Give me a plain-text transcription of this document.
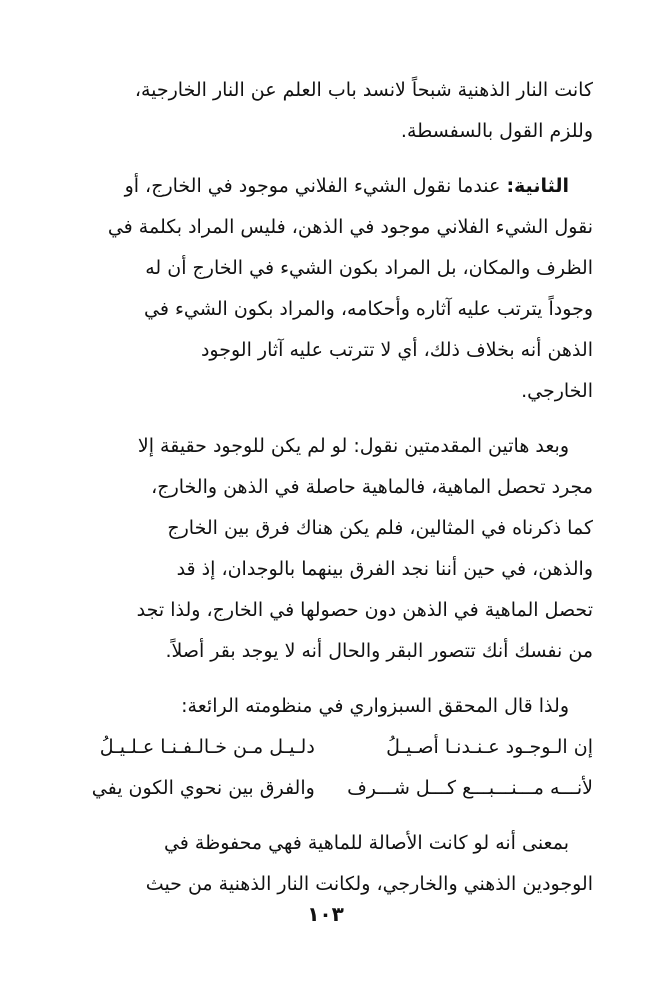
كانت النار الذهنية شبحاً لانسد باب العلم عن النار الخارجية،
وللزم القول بالسفسطة.
الثانية: عندما نقول الشيء الفلاني موجود في الخارج، أو
نقول الشيء الفلاني موجود في الذهن، فليس المراد بكلمة في
الظرف والمكان، بل المراد بكون الشيء في الخارج أن له
وجوداً يترتب عليه آثاره وأحكامه، والمراد بكون الشيء في
الذهن أنه بخلاف ذلك، أي لا تترتب عليه آثار الوجود
الخارجي.
وبعد هاتين المقدمتين نقول: لو لم يكن للوجود حقيقة إلا
مجرد تحصل الماهية، فالماهية حاصلة في الذهن والخارج،
كما ذكرناه في المثالين، فلم يكن هناك فرق بين الخارج
والذهن، في حين أننا نجد الفرق بينهما بالوجدان، إذ قد
تحصل الماهية في الذهن دون حصولها في الخارج، ولذا تجد
من نفسك أنك تتصور البقر والحال أنه لا يوجد بقر أصلاً.
ولذا قال المحقق السبزواري في منظومته الرائعة:
إن الـوجـود عـنـدنـا أصـيـلُ
دلـيـل مـن خـالـفـنـا عـلـيـلُ
لأنـــه مـــنـــبـــع كـــل شـــرف
والفرق بين نحوي الكون يفي
بمعنى أنه لو كانت الأصالة للماهية فهي محفوظة في
الوجودين الذهني والخارجي، ولكانت النار الذهنية من حيث
١٠٣
